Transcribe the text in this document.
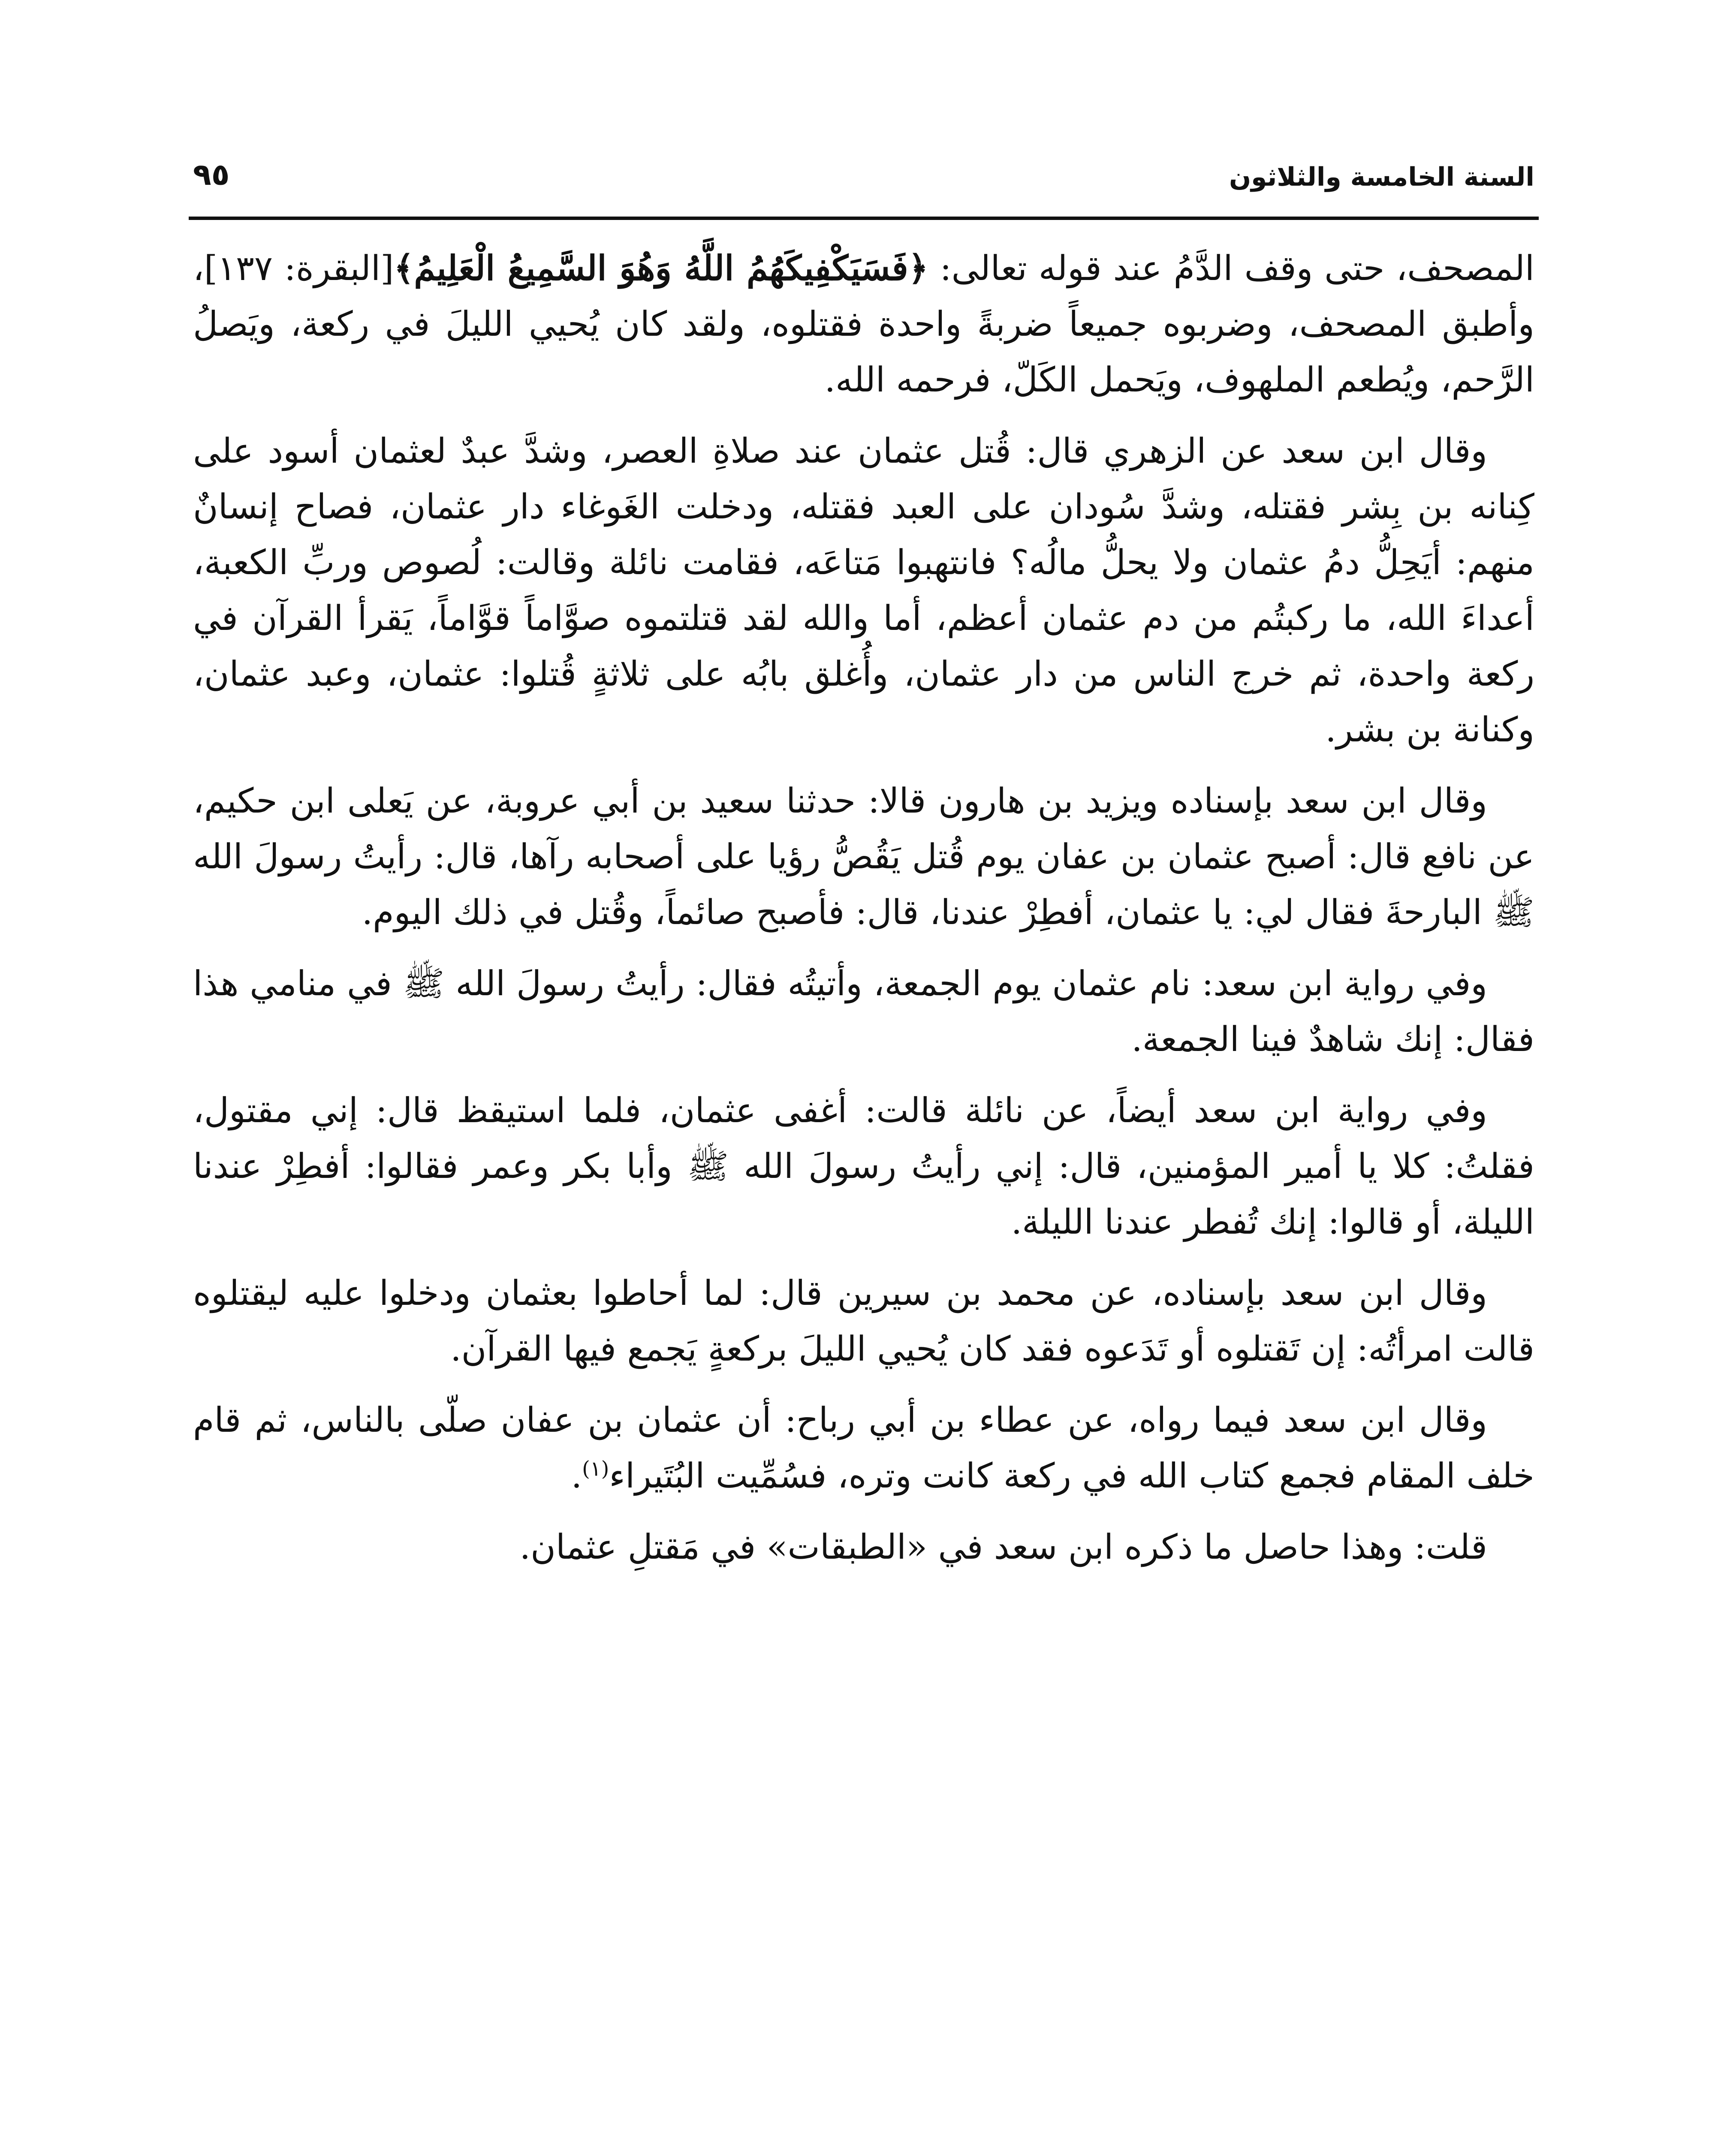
السنة الخامسة والثلاثون
٩٥

المصحف، حتى وقف الدَّمُ عند قوله تعالى: ﴿فَسَيَكْفِيكَهُمُ اللَّهُ وَهُوَ السَّمِيعُ الْعَلِيمُ﴾[البقرة: ١٣٧]، وأطبق المصحف، وضربوه جميعاً ضربةً واحدة فقتلوه، ولقد كان يُحيي الليلَ في ركعة، ويَصلُ الرَّحم، ويُطعم الملهوف، ويَحمل الكَلّ، فرحمه الله.

وقال ابن سعد عن الزهري قال: قُتل عثمان عند صلاةِ العصر، وشدَّ عبدٌ لعثمان أسود على كِنانه بن بِشر فقتله، وشدَّ سُودان على العبد فقتله، ودخلت الغَوغاء دار عثمان، فصاح إنسانٌ منهم: أيَحِلُّ دمُ عثمان ولا يحلُّ مالُه؟ فانتهبوا مَتاعَه، فقامت نائلة وقالت: لُصوص وربِّ الكعبة، أعداءَ الله، ما ركبتُم من دم عثمان أعظم، أما والله لقد قتلتموه صوَّاماً قوَّاماً، يَقرأ القرآن في ركعة واحدة، ثم خرج الناس من دار عثمان، وأُغلق بابُه على ثلاثةٍ قُتلوا: عثمان، وعبد عثمان، وكنانة بن بشر.

وقال ابن سعد بإسناده ويزيد بن هارون قالا: حدثنا سعيد بن أبي عروبة، عن يَعلى ابن حكيم، عن نافع قال: أصبح عثمان بن عفان يوم قُتل يَقُصُّ رؤيا على أصحابه رآها، قال: رأيتُ رسولَ الله ﷺ البارحةَ فقال لي: يا عثمان، أفطِرْ عندنا، قال: فأصبح صائماً، وقُتل في ذلك اليوم.

وفي رواية ابن سعد: نام عثمان يوم الجمعة، وأتيتُه فقال: رأيتُ رسولَ الله ﷺ في منامي هذا فقال: إنك شاهدٌ فينا الجمعة.

وفي رواية ابن سعد أيضاً، عن نائلة قالت: أغفى عثمان، فلما استيقظ قال: إني مقتول، فقلتُ: كلا يا أمير المؤمنين، قال: إني رأيتُ رسولَ الله ﷺ وأبا بكر وعمر فقالوا: أفطِرْ عندنا الليلة، أو قالوا: إنك تُفطر عندنا الليلة.

وقال ابن سعد بإسناده، عن محمد بن سيرين قال: لما أحاطوا بعثمان ودخلوا عليه ليقتلوه قالت امرأتُه: إن تَقتلوه أو تَدَعوه فقد كان يُحيي الليلَ بركعةٍ يَجمع فيها القرآن.

وقال ابن سعد فيما رواه، عن عطاء بن أبي رباح: أن عثمان بن عفان صلّى بالناس، ثم قام خلف المقام فجمع كتاب الله في ركعة كانت وتره، فسُمِّيت البُتَيراء$^{(١)}$.

قلت: وهذا حاصل ما ذكره ابن سعد في «الطبقات» في مَقتلِ عثمان.
